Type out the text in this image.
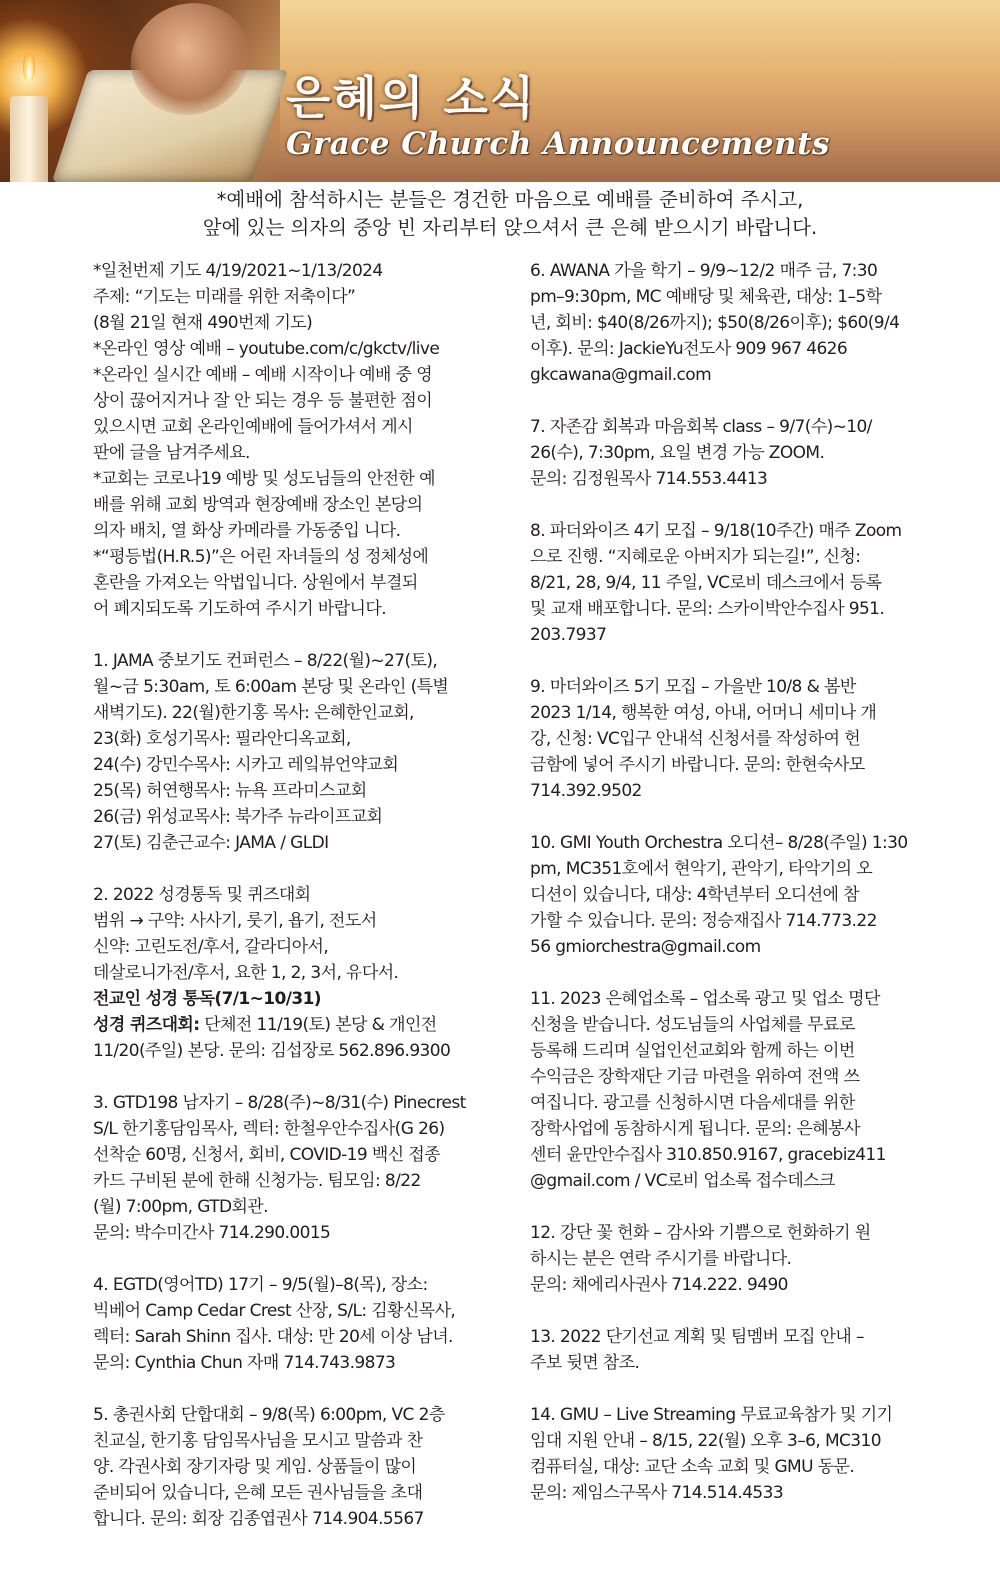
은혜의 소식
Grace Church Announcements
*예배에 참석하시는 분들은 경건한 마음으로 예배를 준비하여 주시고,
앞에 있는 의자의 중앙 빈 자리부터 앉으셔서 큰 은혜 받으시기 바랍니다.
*일천번제 기도 4/19/2021~1/13/2024
주제: “기도는 미래를 위한 저축이다”
(8월 21일 현재 490번제 기도)
*온라인 영상 예배 – youtube.com/c/gkctv/live
*온라인 실시간 예배 – 예배 시작이나 예배 중 영
상이 끊어지거나 잘 안 되는 경우 등 불편한 점이
있으시면 교회 온라인예배에 들어가셔서 게시
판에 글을 남겨주세요.
*교회는 코로나19 예방 및 성도님들의 안전한 예
배를 위해 교회 방역과 현장예배 장소인 본당의
의자 배치, 열 화상 카메라를 가동중입 니다.
*“평등법(H.R.5)”은 어린 자녀들의 성 정체성에
혼란을 가져오는 악법입니다. 상원에서 부결되
어 폐지되도록 기도하여 주시기 바랍니다.
1. JAMA 중보기도 컨퍼런스 – 8/22(월)~27(토),
월~금 5:30am, 토 6:00am 본당 및 온라인 (특별
새벽기도). 22(월)한기홍 목사: 은혜한인교회,
23(화) 호성기목사: 필라안디옥교회,
24(수) 강민수목사: 시카고 레잌뷰언약교회
25(목) 허연행목사: 뉴욕 프라미스교회
26(금) 위성교목사: 북가주 뉴라이프교회
27(토) 김춘근교수: JAMA / GLDI
2. 2022 성경통독 및 퀴즈대회
범위 → 구약: 사사기, 룻기, 욥기, 전도서
신약: 고린도전/후서, 갈라디아서,
데살로니가전/후서, 요한 1, 2, 3서, 유다서.
전교인 성경 통독(7/1~10/31)
성경 퀴즈대회: 단체전 11/19(토) 본당 & 개인전
11/20(주일) 본당. 문의: 김섭장로 562.896.9300
3. GTD198 남자기 – 8/28(주)~8/31(수) Pinecrest
S/L 한기홍담임목사, 렉터: 한철우안수집사(G 26)
선착순 60명, 신청서, 회비, COVID-19 백신 접종
카드 구비된 분에 한해 신청가능. 팀모임: 8/22
(월) 7:00pm, GTD회관.
문의: 박수미간사 714.290.0015
4. EGTD(영어TD) 17기 – 9/5(월)–8(목), 장소:
빅베어 Camp Cedar Crest 산장, S/L: 김황신목사,
렉터: Sarah Shinn 집사. 대상: 만 20세 이상 남녀.
문의: Cynthia Chun 자매 714.743.9873
5. 총권사회 단합대회 – 9/8(목) 6:00pm, VC 2층
친교실, 한기홍 담임목사님을 모시고 말씀과 찬
양. 각권사회 장기자랑 및 게임. 상품들이 많이
준비되어 있습니다, 은혜 모든 권사님들을 초대
합니다. 문의: 회장 김종엽권사 714.904.5567
6. AWANA 가을 학기 – 9/9~12/2 매주 금, 7:30
pm–9:30pm, MC 예배당 및 체육관, 대상: 1–5학
년, 회비: $40(8/26까지); $50(8/26이후); $60(9/4
이후). 문의: JackieYu전도사 909 967 4626
gkcawana@gmail.com
7. 자존감 회복과 마음회복 class – 9/7(수)~10/
26(수), 7:30pm, 요일 변경 가능 ZOOM.
문의: 김정원목사 714.553.4413
8. 파더와이즈 4기 모집 – 9/18(10주간) 매주 Zoom
으로 진행. “지혜로운 아버지가 되는길!”, 신청:
8/21, 28, 9/4, 11 주일, VC로비 데스크에서 등록
및 교재 배포합니다. 문의: 스카이박안수집사 951.
203.7937
9. 마더와이즈 5기 모집 – 가을반 10/8 & 봄반
2023 1/14, 행복한 여성, 아내, 어머니 세미나 개
강, 신청: VC입구 안내석 신청서를 작성하여 헌
금함에 넣어 주시기 바랍니다. 문의: 한현숙사모
714.392.9502
10. GMI Youth Orchestra 오디션– 8/28(주일) 1:30
pm, MC351호에서 현악기, 관악기, 타악기의 오
디션이 있습니다, 대상: 4학년부터 오디션에 참
가할 수 있습니다. 문의: 정승재집사 714.773.22
56 gmiorchestra@gmail.com
11. 2023 은혜업소록 – 업소록 광고 및 업소 명단
신청을 받습니다. 성도님들의 사업체를 무료로
등록해 드리며 실업인선교회와 함께 하는 이번
수익금은 장학재단 기금 마련을 위하여 전액 쓰
여집니다. 광고를 신청하시면 다음세대를 위한
장학사업에 동참하시게 됩니다. 문의: 은혜봉사
센터 윤만안수집사 310.850.9167, gracebiz411
@gmail.com / VC로비 업소록 접수데스크
12. 강단 꽃 헌화 – 감사와 기쁨으로 헌화하기 원
하시는 분은 연락 주시기를 바랍니다.
문의: 채에리사권사 714.222. 9490
13. 2022 단기선교 계획 및 팀멤버 모집 안내 –
주보 뒷면 참조.
14. GMU – Live Streaming 무료교육참가 및 기기
임대 지원 안내 – 8/15, 22(월) 오후 3–6, MC310
컴퓨터실, 대상: 교단 소속 교회 및 GMU 동문.
문의: 제임스구목사 714.514.4533
